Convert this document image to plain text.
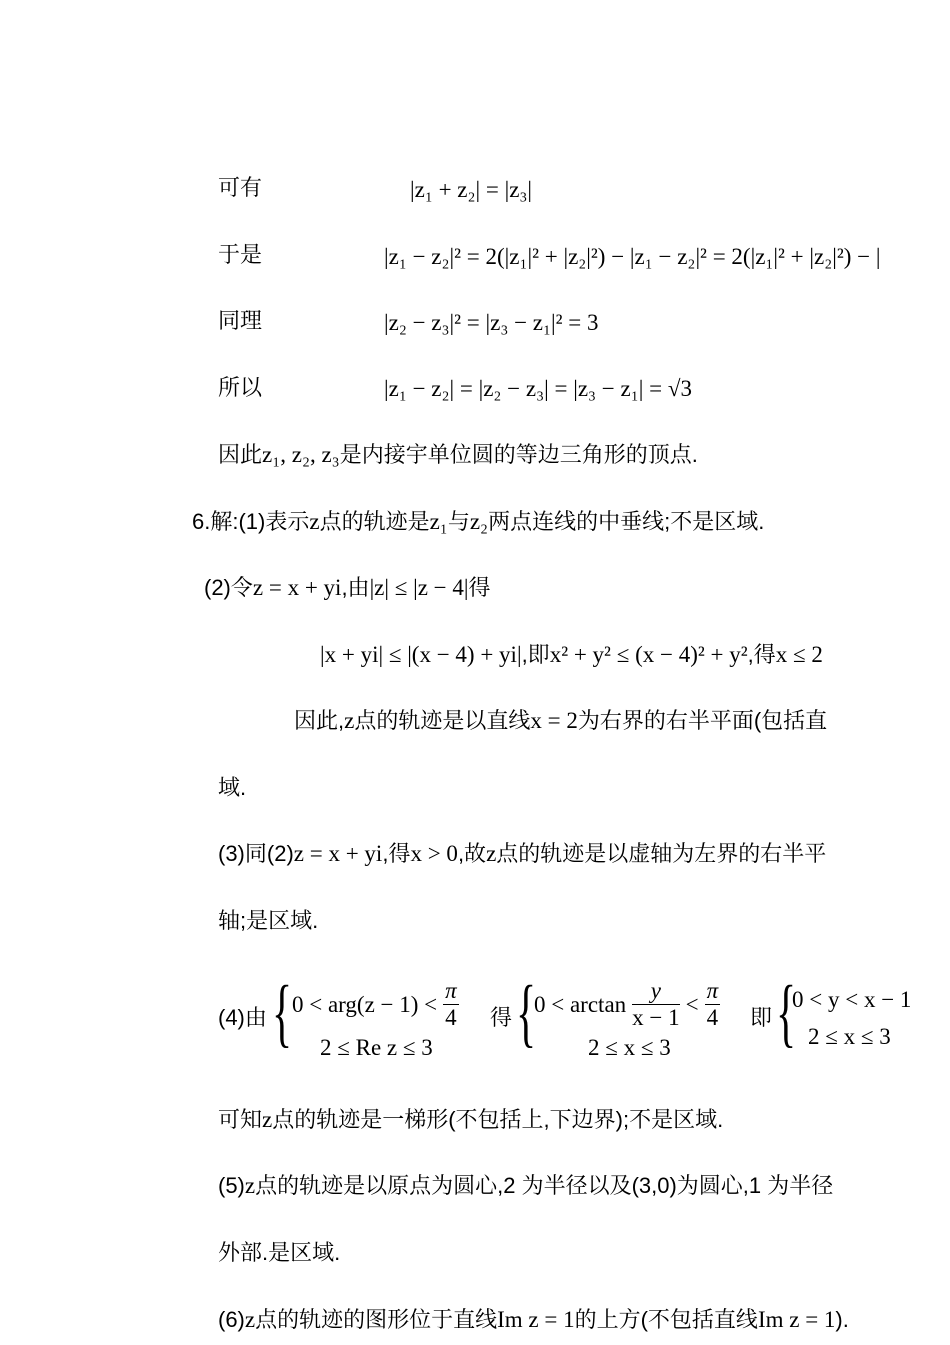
可有	|z₁ + z₂| = |z₃|
于是	|z₁ − z₂|² = 2(|z₁|² + |z₂|²) − |z₁ − z₂|² = 2(|z₁|² + |z₂|²) − |
同理	|z₂ − z₃|² = |z₃ − z₁|² = 3
所以	|z₁ − z₂| = |z₂ − z₃| = |z₃ − z₁| = √3
因此z₁, z₂, z₃是内接宇单位圆的等边三角形的顶点.
6.解:(1)表示z点的轨迹是z₁与z₂两点连线的中垂线;不是区域.
(2)令z = x + yi,由|z| ≤ |z − 4|得
|x + yi| ≤ |(x − 4) + yi|,即x² + y² ≤ (x − 4)² + y²,得x ≤ 2
因此,z点的轨迹是以直线x = 2为右界的右半平面(包括直
域.
(3)同(2)z = x + yi,得x > 0,故z点的轨迹是以虚轴为左界的右半平
轴;是区域.
(4)由 { $0 < arg(z - 1) < \frac{\pi}{4}$
2 ≤ Re z ≤ 3
得 {
$0 < \arctan \frac{y}{x - 1} < \frac{\pi}{4}$
2 ≤ x ≤ 3
即 {
0 < y < x − 1
2 ≤ x ≤ 3
可知z点的轨迹是一梯形(不包括上,下边界);不是区域.
(5)z点的轨迹是以原点为圆心,2 为半径以及(3,0)为圆心,1 为半径
外部.是区域.
(6)z点的轨迹的图形位于直线Im z = 1的上方(不包括直线Im z = 1).
